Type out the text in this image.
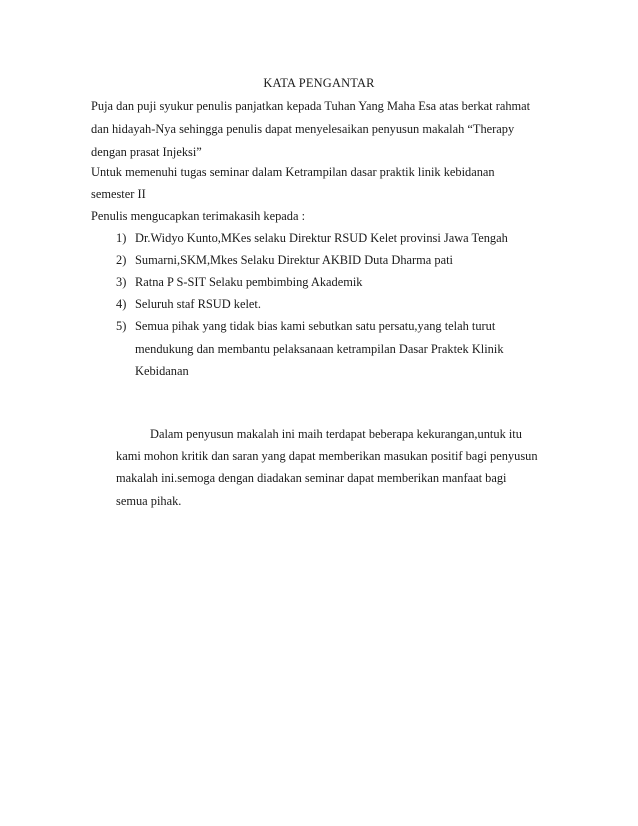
KATA PENGANTAR
Puja dan puji syukur penulis panjatkan kepada Tuhan Yang Maha Esa atas berkat rahmat
dan hidayah-Nya sehingga penulis dapat menyelesaikan penyusun makalah “Therapy
dengan prasat Injeksi”
Untuk memenuhi tugas seminar dalam Ketrampilan dasar praktik linik kebidanan
semester II
Penulis mengucapkan terimakasih kepada :
1) Dr.Widyo Kunto,MKes selaku Direktur RSUD Kelet provinsi Jawa Tengah
2) Sumarni,SKM,Mkes Selaku Direktur AKBID Duta Dharma pati
3) Ratna P S-SIT Selaku pembimbing Akademik
4) Seluruh staf RSUD kelet.
5) Semua pihak yang tidak bias kami sebutkan satu persatu,yang telah turut
mendukung dan membantu pelaksanaan ketrampilan Dasar Praktek Klinik
Kebidanan
Dalam penyusun makalah ini maih terdapat beberapa kekurangan,untuk itu
kami mohon kritik dan saran yang dapat memberikan masukan positif bagi penyusun
makalah ini.semoga dengan diadakan seminar dapat memberikan manfaat bagi
semua pihak.
